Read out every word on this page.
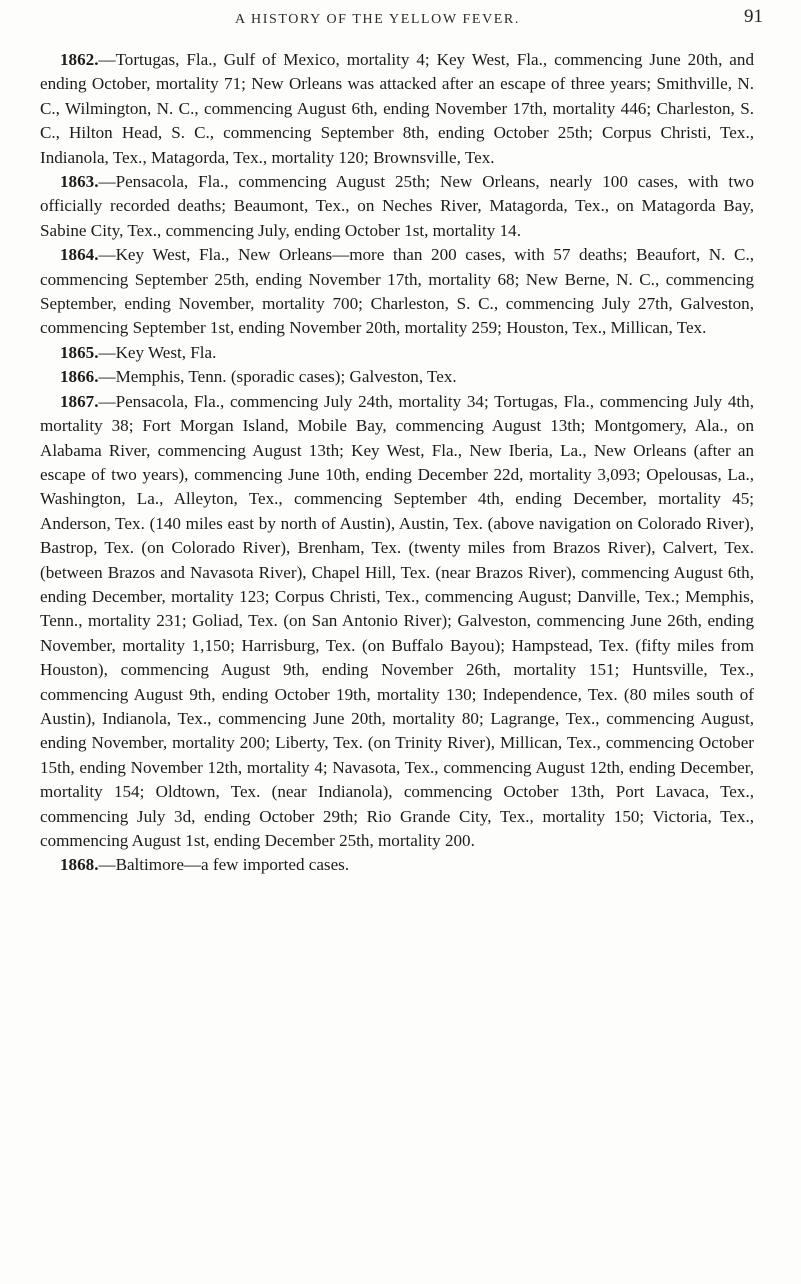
A HISTORY OF THE YELLOW FEVER.	91

1862.—Tortugas, Fla., Gulf of Mexico, mortality 4; Key West, Fla., commencing June 20th, and ending October, mortality 71; New Orleans was attacked after an escape of three years; Smithville, N. C., Wilmington, N. C., commencing August 6th, ending November 17th, mortality 446; Charleston, S. C., Hilton Head, S. C., commencing September 8th, ending October 25th; Corpus Christi, Tex., Indianola, Tex., Matagorda, Tex., mortality 120; Brownsville, Tex.

1863.—Pensacola, Fla., commencing August 25th; New Orleans, nearly 100 cases, with two officially recorded deaths; Beaumont, Tex., on Neches River, Matagorda, Tex., on Matagorda Bay, Sabine City, Tex., commencing July, ending October 1st, mortality 14.

1864.—Key West, Fla., New Orleans—more than 200 cases, with 57 deaths; Beaufort, N. C., commencing September 25th, ending November 17th, mortality 68; New Berne, N. C., commencing September, ending November, mortality 700; Charleston, S. C., commencing July 27th, Galveston, commencing September 1st, ending November 20th, mortality 259; Houston, Tex., Millican, Tex.

1865.—Key West, Fla.

1866.—Memphis, Tenn. (sporadic cases); Galveston, Tex.

1867.—Pensacola, Fla., commencing July 24th, mortality 34; Tortugas, Fla., commencing July 4th, mortality 38; Fort Morgan Island, Mobile Bay, commencing August 13th; Montgomery, Ala., on Alabama River, commencing August 13th; Key West, Fla., New Iberia, La., New Orleans (after an escape of two years), commencing June 10th, ending December 22d, mortality 3,093; Opelousas, La., Washington, La., Alleyton, Tex., commencing September 4th, ending December, mortality 45; Anderson, Tex. (140 miles east by north of Austin), Austin, Tex. (above navigation on Colorado River), Bastrop, Tex. (on Colorado River), Brenham, Tex. (twenty miles from Brazos River), Calvert, Tex. (between Brazos and Navasota River), Chapel Hill, Tex. (near Brazos River), commencing August 6th, ending December, mortality 123; Corpus Christi, Tex., commencing August; Danville, Tex.; Memphis, Tenn., mortality 231; Goliad, Tex. (on San Antonio River); Galveston, commencing June 26th, ending November, mortality 1,150; Harrisburg, Tex. (on Buffalo Bayou); Hampstead, Tex. (fifty miles from Houston), commencing August 9th, ending November 26th, mortality 151; Huntsville, Tex., commencing August 9th, ending October 19th, mortality 130; Independence, Tex. (80 miles south of Austin), Indianola, Tex., commencing June 20th, mortality 80; Lagrange, Tex., commencing August, ending November, mortality 200; Liberty, Tex. (on Trinity River), Millican, Tex., commencing October 15th, ending November 12th, mortality 4; Navasota, Tex., commencing August 12th, ending December, mortality 154; Oldtown, Tex. (near Indianola), commencing October 13th, Port Lavaca, Tex., commencing July 3d, ending October 29th; Rio Grande City, Tex., mortality 150; Victoria, Tex., commencing August 1st, ending December 25th, mortality 200.

1868.—Baltimore—a few imported cases.
